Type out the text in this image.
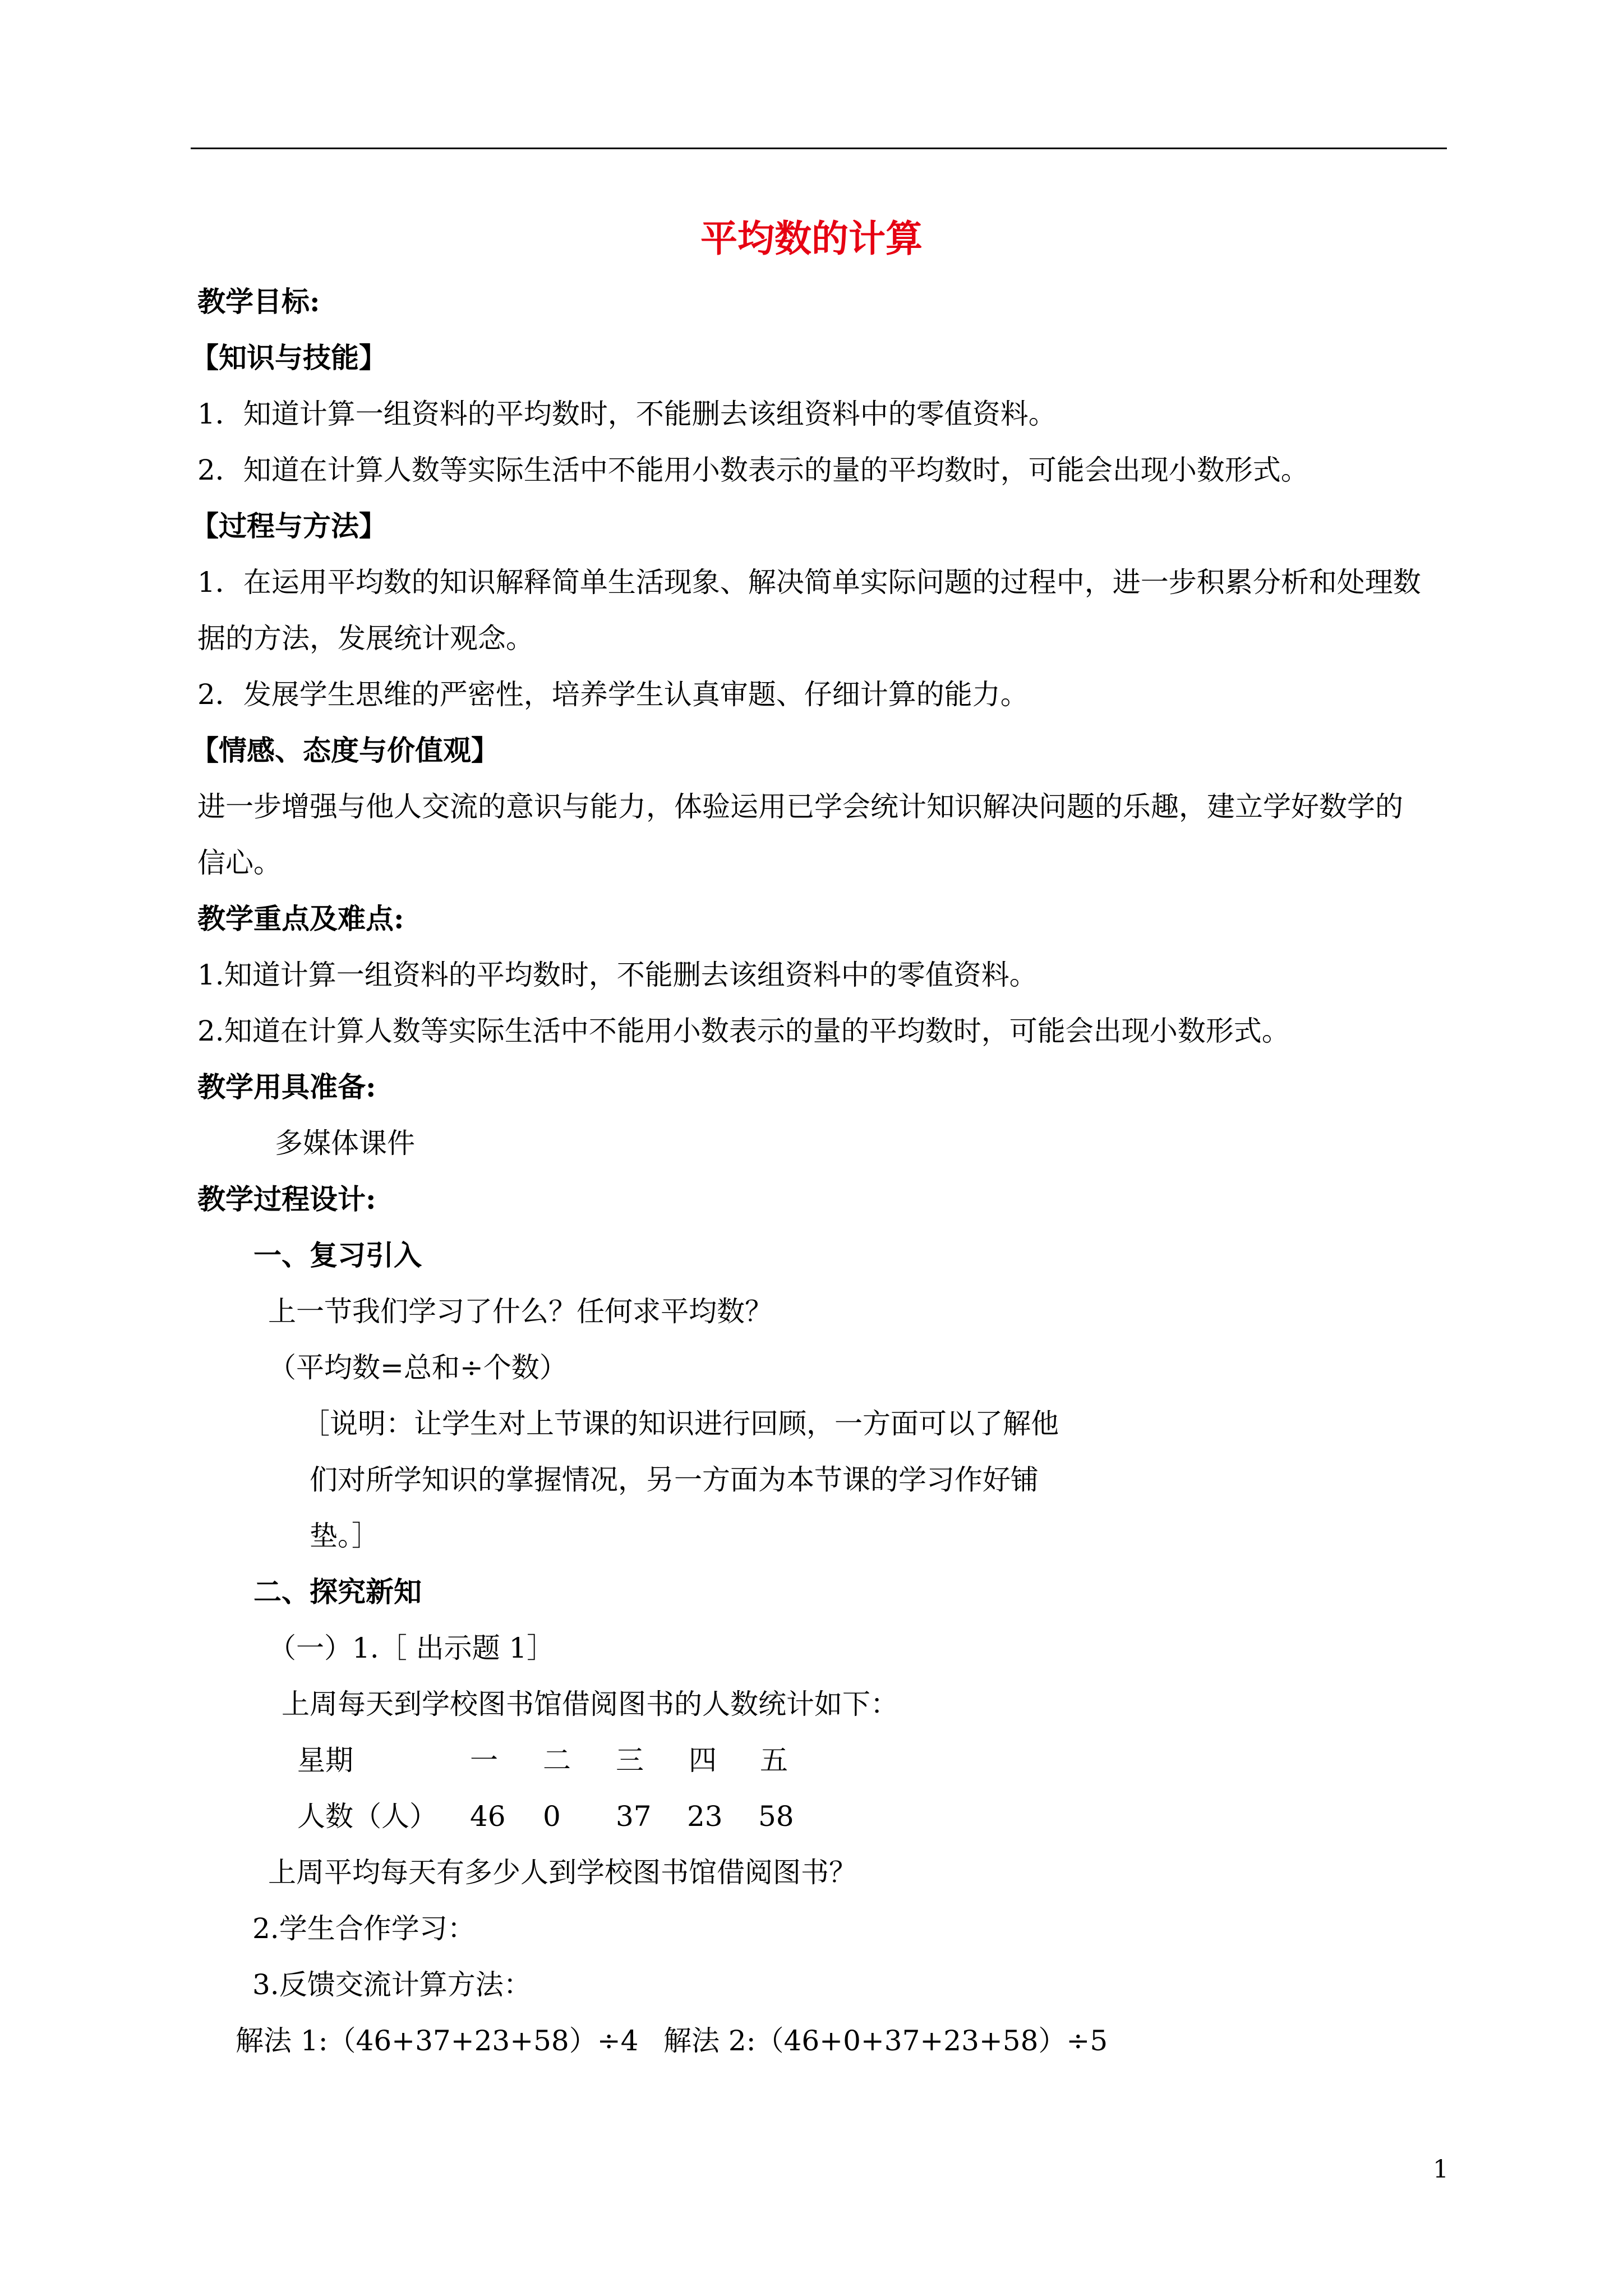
平均数的计算
教学目标:
【知识与技能】
1．知道计算一组资料的平均数时，不能删去该组资料中的零值资料。
2．知道在计算人数等实际生活中不能用小数表示的量的平均数时，可能会出现小数形式。
【过程与方法】
1．在运用平均数的知识解释简单生活现象、解决简单实际问题的过程中，进一步积累分析和处理数
据的方法，发展统计观念。
2．发展学生思维的严密性，培养学生认真审题、仔细计算的能力。
【情感、态度与价值观】
进一步增强与他人交流的意识与能力，体验运用已学会统计知识解决问题的乐趣，建立学好数学的
信心。
教学重点及难点:
1.知道计算一组资料的平均数时，不能删去该组资料中的零值资料。
2.知道在计算人数等实际生活中不能用小数表示的量的平均数时，可能会出现小数形式。
教学用具准备:
多媒体课件
教学过程设计:
一、复习引入
上一节我们学习了什么？任何求平均数？
（平均数=总和÷个数）
［说明：让学生对上节课的知识进行回顾，一方面可以了解他
们对所学知识的掌握情况，另一方面为本节课的学习作好铺
垫。］
二、探究新知
（一）1.［ 出示题 1］
上周每天到学校图书馆借阅图书的人数统计如下：
星期	一 二 三 四 五
人数（人） 46 0 37 23 58
上周平均每天有多少人到学校图书馆借阅图书？
2.学生合作学习：
3.反馈交流计算方法：
解法 1:（46+37+23+58）÷4 解法 2:（46+0+37+23+58）÷5
1
